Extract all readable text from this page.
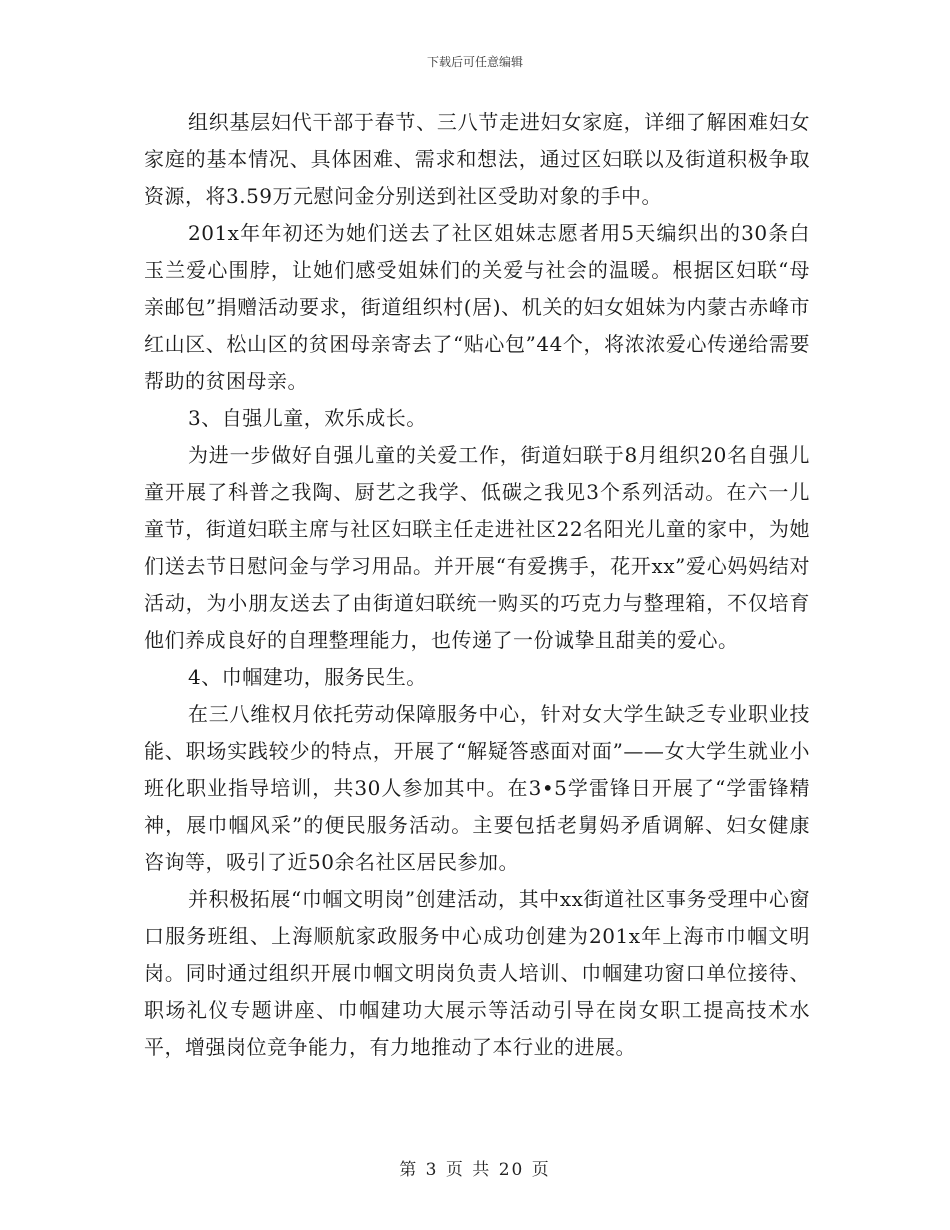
下载后可任意编辑

组织基层妇代干部于春节、三八节走进妇女家庭，详细了解困难妇女家庭的基本情况、具体困难、需求和想法，通过区妇联以及街道积极争取资源，将3.59万元慰问金分别送到社区受助对象的手中。

201x年年初还为她们送去了社区姐妹志愿者用5天编织出的30条白玉兰爱心围脖，让她们感受姐妹们的关爱与社会的温暖。根据区妇联“母亲邮包”捐赠活动要求，街道组织村(居)、机关的妇女姐妹为内蒙古赤峰市红山区、松山区的贫困母亲寄去了“贴心包”44个，将浓浓爱心传递给需要帮助的贫困母亲。

3、自强儿童，欢乐成长。

为进一步做好自强儿童的关爱工作，街道妇联于8月组织20名自强儿童开展了科普之我陶、厨艺之我学、低碳之我见3个系列活动。在六一儿童节，街道妇联主席与社区妇联主任走进社区22名阳光儿童的家中，为她们送去节日慰问金与学习用品。并开展“有爱携手，花开xx”爱心妈妈结对活动，为小朋友送去了由街道妇联统一购买的巧克力与整理箱，不仅培育他们养成良好的自理整理能力，也传递了一份诚挚且甜美的爱心。

4、巾帼建功，服务民生。

在三八维权月依托劳动保障服务中心，针对女大学生缺乏专业职业技能、职场实践较少的特点，开展了“解疑答惑面对面”——女大学生就业小班化职业指导培训，共30人参加其中。在3•5学雷锋日开展了“学雷锋精神，展巾帼风采”的便民服务活动。主要包括老舅妈矛盾调解、妇女健康咨询等，吸引了近50余名社区居民参加。

并积极拓展“巾帼文明岗”创建活动，其中xx街道社区事务受理中心窗口服务班组、上海顺航家政服务中心成功创建为201x年上海市巾帼文明岗。同时通过组织开展巾帼文明岗负责人培训、巾帼建功窗口单位接待、职场礼仪专题讲座、巾帼建功大展示等活动引导在岗女职工提高技术水平，增强岗位竞争能力，有力地推动了本行业的进展。

第 3 页 共 20 页
